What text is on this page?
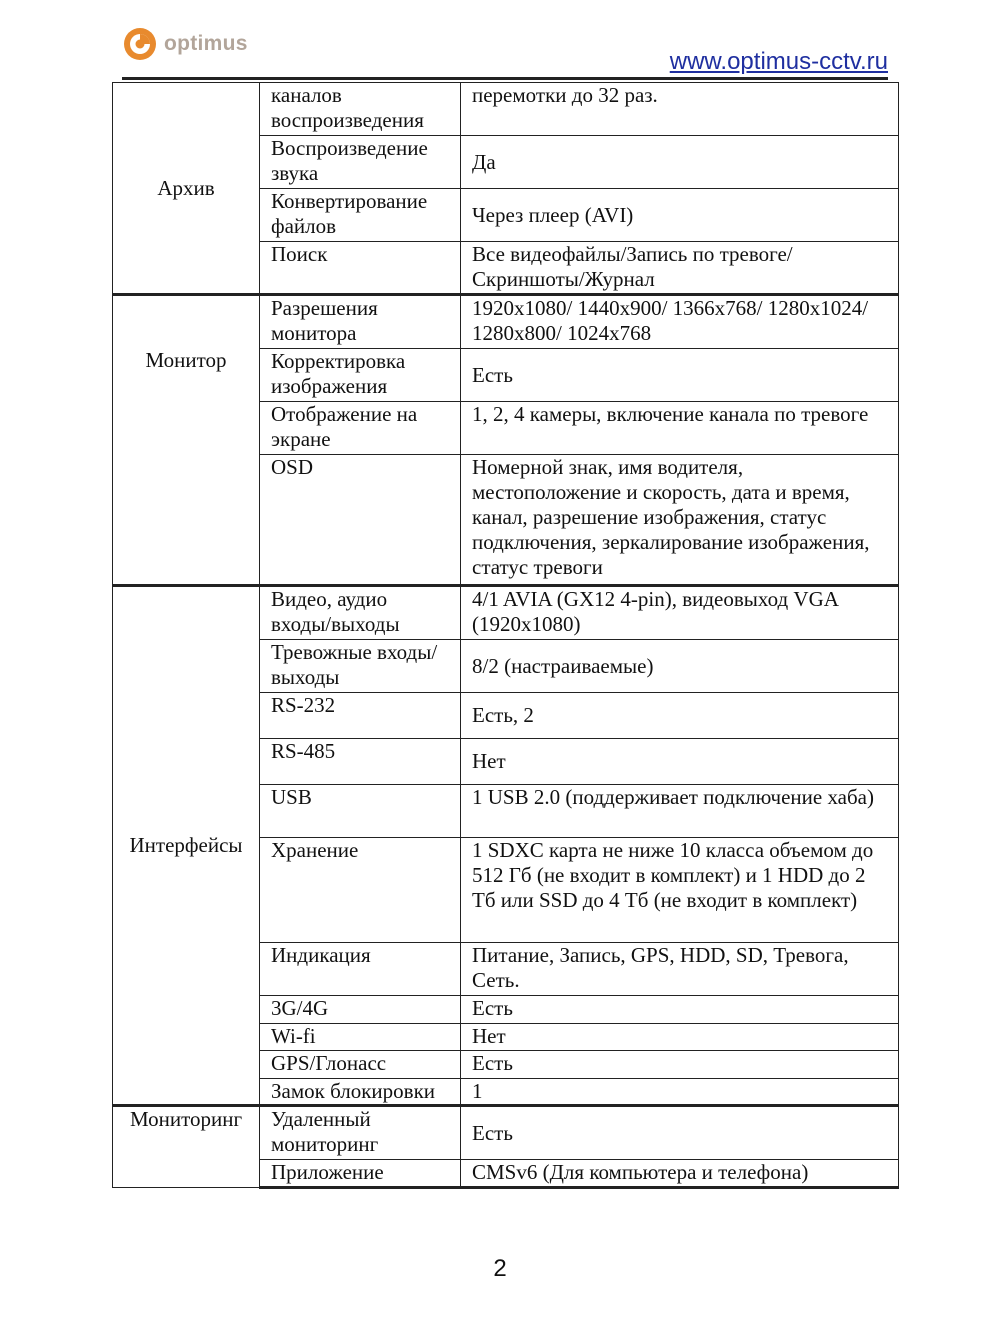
optimus
www.optimus-cctv.ru
Архив	каналов воспроизведения	перемотки до 32 раз.
	Воспроизведение звука	Да
	Конвертирование файлов	Через плеер (AVI)
	Поиск	Все видеофайлы/Запись по тревоге/Скриншоты/Журнал
Монитор	Разрешения монитора	1920x1080/ 1440x900/ 1366x768/ 1280x1024/ 1280x800/ 1024x768
	Корректировка изображения	Есть
	Отображение на экране	1, 2, 4 камеры, включение канала по тревоге
	OSD	Номерной знак, имя водителя, местоположение и скорость, дата и время, канал, разрешение изображения, статус подключения, зеркалирование изображения, статус тревоги
Интерфейсы	Видео, аудио входы/выходы	4/1 AVIA (GX12 4-pin), видеовыход VGA (1920x1080)
	Тревожные входы/выходы	8/2 (настраиваемые)
	RS-232	Есть, 2
	RS-485	Нет
	USB	1 USB 2.0 (поддерживает подключение хаба)
	Хранение	1 SDXC карта не ниже 10 класса объемом до 512 Гб (не входит в комплект) и 1 HDD до 2 Тб или SSD до 4 Тб (не входит в комплект)
	Индикация	Питание, Запись, GPS, HDD, SD, Тревога, Сеть.
	3G/4G	Есть
	Wi-fi	Нет
	GPS/Глонасс	Есть
	Замок блокировки	1
Мониторинг	Удаленный мониторинг	Есть
	Приложение	CMSv6 (Для компьютера и телефона)
2
